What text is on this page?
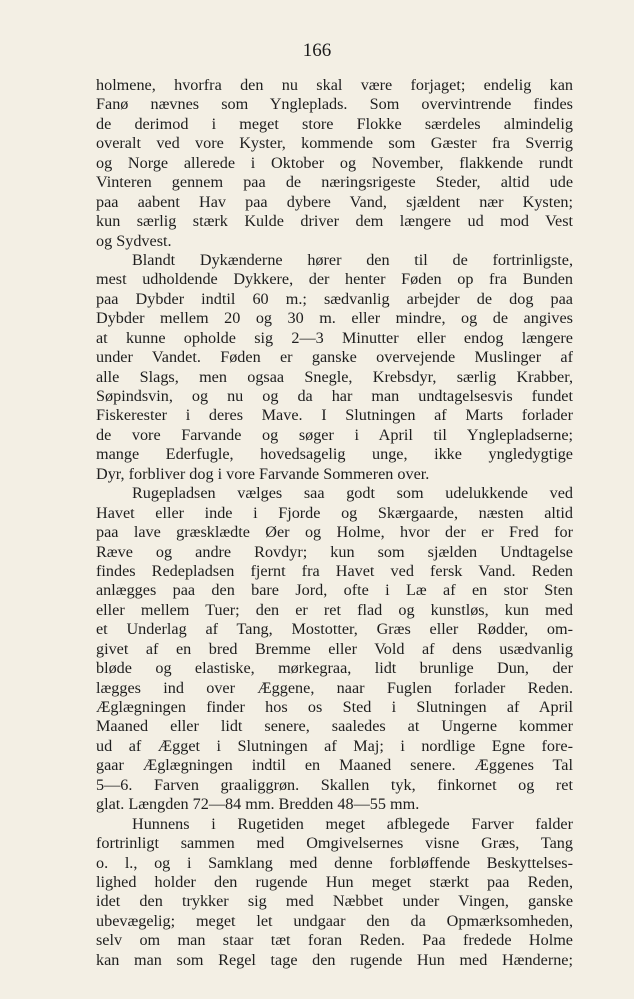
166
holmene, hvorfra den nu skal være forjaget; endelig kan
Fanø nævnes som Yngleplads. Som overvintrende findes
de derimod i meget store Flokke særdeles almindelig
overalt ved vore Kyster, kommende som Gæster fra Sverrig
og Norge allerede i Oktober og November, flakkende rundt
Vinteren gennem paa de næringsrigeste Steder, altid ude
paa aabent Hav paa dybere Vand, sjældent nær Kysten;
kun særlig stærk Kulde driver dem længere ud mod Vest
og Sydvest.
Blandt Dykænderne hører den til de fortrinligste,
mest udholdende Dykkere, der henter Føden op fra Bunden
paa Dybder indtil 60 m.; sædvanlig arbejder de dog paa
Dybder mellem 20 og 30 m. eller mindre, og de angives
at kunne opholde sig 2—3 Minutter eller endog længere
under Vandet. Føden er ganske overvejende Muslinger af
alle Slags, men ogsaa Snegle, Krebsdyr, særlig Krabber,
Søpindsvin, og nu og da har man undtagelsesvis fundet
Fiskerester i deres Mave. I Slutningen af Marts forlader
de vore Farvande og søger i April til Ynglepladserne;
mange Ederfugle, hovedsagelig unge, ikke yngledygtige
Dyr, forbliver dog i vore Farvande Sommeren over.
Rugepladsen vælges saa godt som udelukkende ved
Havet eller inde i Fjorde og Skærgaarde, næsten altid
paa lave græsklædte Øer og Holme, hvor der er Fred for
Ræve og andre Rovdyr; kun som sjælden Undtagelse
findes Redepladsen fjernt fra Havet ved fersk Vand. Reden
anlægges paa den bare Jord, ofte i Læ af en stor Sten
eller mellem Tuer; den er ret flad og kunstløs, kun med
et Underlag af Tang, Mostotter, Græs eller Rødder, om-
givet af en bred Bremme eller Vold af dens usædvanlig
bløde og elastiske, mørkegraa, lidt brunlige Dun, der
lægges ind over Æggene, naar Fuglen forlader Reden.
Æglægningen finder hos os Sted i Slutningen af April
Maaned eller lidt senere, saaledes at Ungerne kommer
ud af Ægget i Slutningen af Maj; i nordlige Egne fore-
gaar Æglægningen indtil en Maaned senere. Æggenes Tal
5—6. Farven graaliggrøn. Skallen tyk, finkornet og ret
glat. Længden 72—84 mm. Bredden 48—55 mm.
Hunnens i Rugetiden meget afblegede Farver falder
fortrinligt sammen med Omgivelsernes visne Græs, Tang
o. l., og i Samklang med denne forbløffende Beskyttelses-
lighed holder den rugende Hun meget stærkt paa Reden,
idet den trykker sig med Næbbet under Vingen, ganske
ubevægelig; meget let undgaar den da Opmærksomheden,
selv om man staar tæt foran Reden. Paa fredede Holme
kan man som Regel tage den rugende Hun med Hænderne;
